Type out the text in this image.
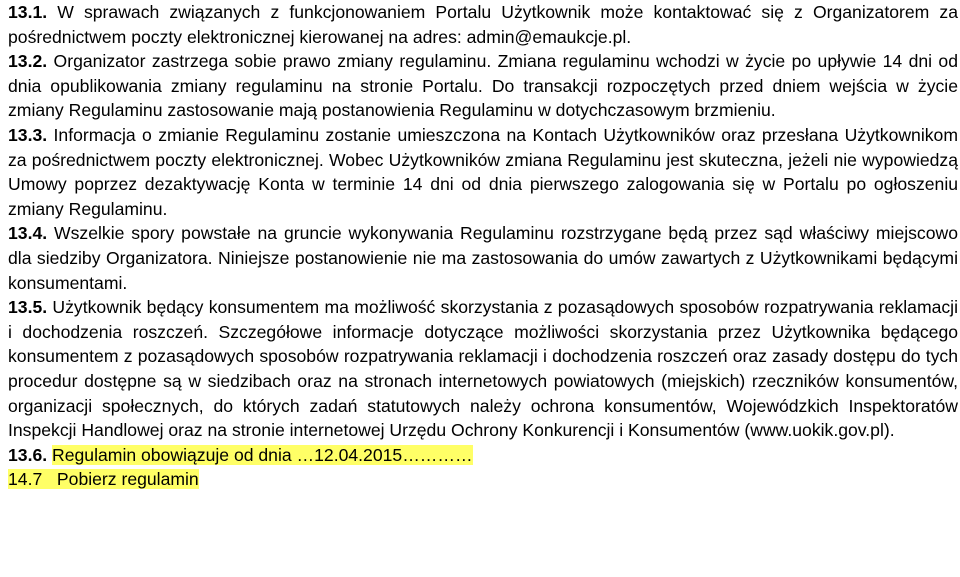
13.1. W sprawach związanych z funkcjonowaniem Portalu Użytkownik może kontaktować się z Organizatorem za pośrednictwem poczty elektronicznej kierowanej na adres: admin@emaukcje.pl.

13.2. Organizator zastrzega sobie prawo zmiany regulaminu. Zmiana regulaminu wchodzi w życie po upływie 14 dni od dnia opublikowania zmiany regulaminu na stronie Portalu. Do transakcji rozpoczętych przed dniem wejścia w życie zmiany Regulaminu zastosowanie mają postanowienia Regulaminu w dotychczasowym brzmieniu.

13.3. Informacja o zmianie Regulaminu zostanie umieszczona na Kontach Użytkowników oraz przesłana Użytkownikom za pośrednictwem poczty elektronicznej. Wobec Użytkowników zmiana Regulaminu jest skuteczna, jeżeli nie wypowiedzą Umowy poprzez dezaktywację Konta w terminie 14 dni od dnia pierwszego zalogowania się w Portalu po ogłoszeniu zmiany Regulaminu.

13.4. Wszelkie spory powstałe na gruncie wykonywania Regulaminu rozstrzygane będą przez sąd właściwy miejscowo dla siedziby Organizatora. Niniejsze postanowienie nie ma zastosowania do umów zawartych z Użytkownikami będącymi konsumentami.

13.5. Użytkownik będący konsumentem ma możliwość skorzystania z pozasądowych sposobów rozpatrywania reklamacji i dochodzenia roszczeń. Szczegółowe informacje dotyczące możliwości skorzystania przez Użytkownika będącego konsumentem z pozasądowych sposobów rozpatrywania reklamacji i dochodzenia roszczeń oraz zasady dostępu do tych procedur dostępne są w siedzibach oraz na stronach internetowych powiatowych (miejskich) rzeczników konsumentów, organizacji społecznych, do których zadań statutowych należy ochrona konsumentów, Wojewódzkich Inspektoratów Inspekcji Handlowej oraz na stronie internetowej Urzędu Ochrony Konkurencji i Konsumentów (www.uokik.gov.pl).

13.6. Regulamin obowiązuje od dnia …12.04.2015…………

14.7 Pobierz regulamin
